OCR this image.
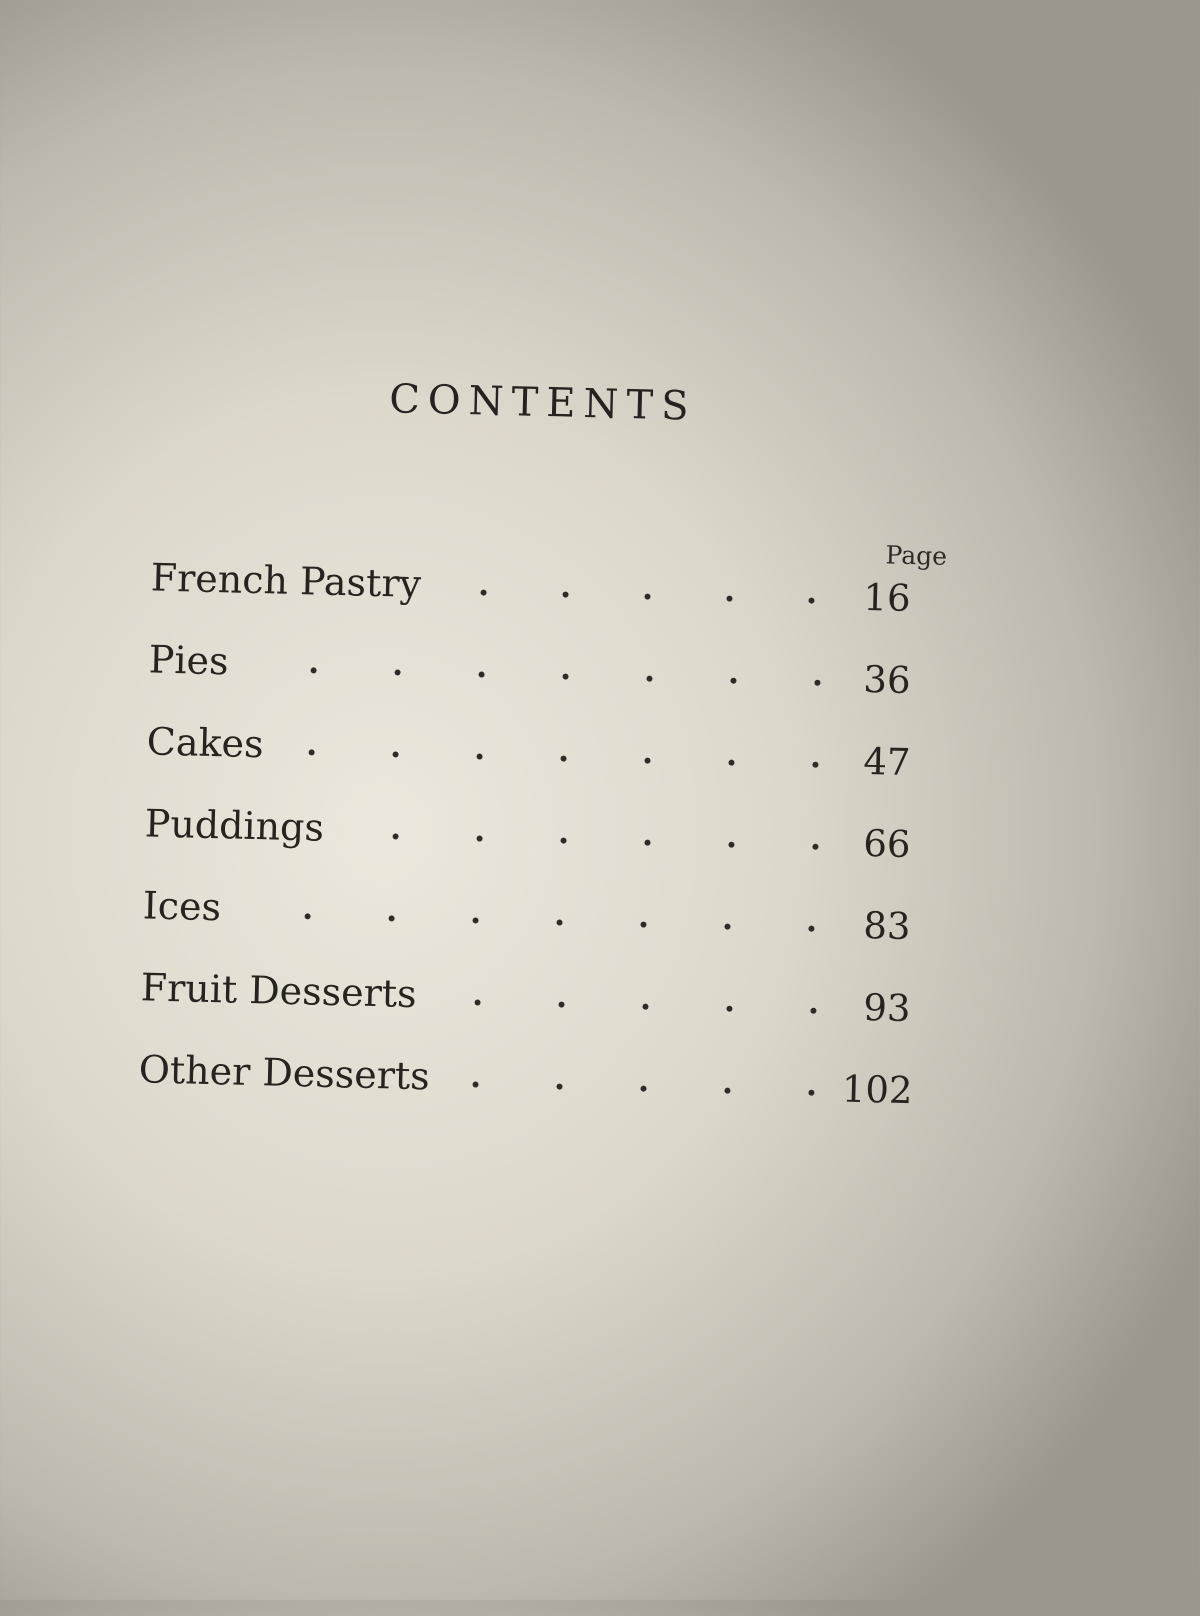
CONTENTS
Page
French Pastry	16
Pies	36
Cakes	47
Puddings	66
Ices	83
Fruit Desserts	93
Other Desserts	102
